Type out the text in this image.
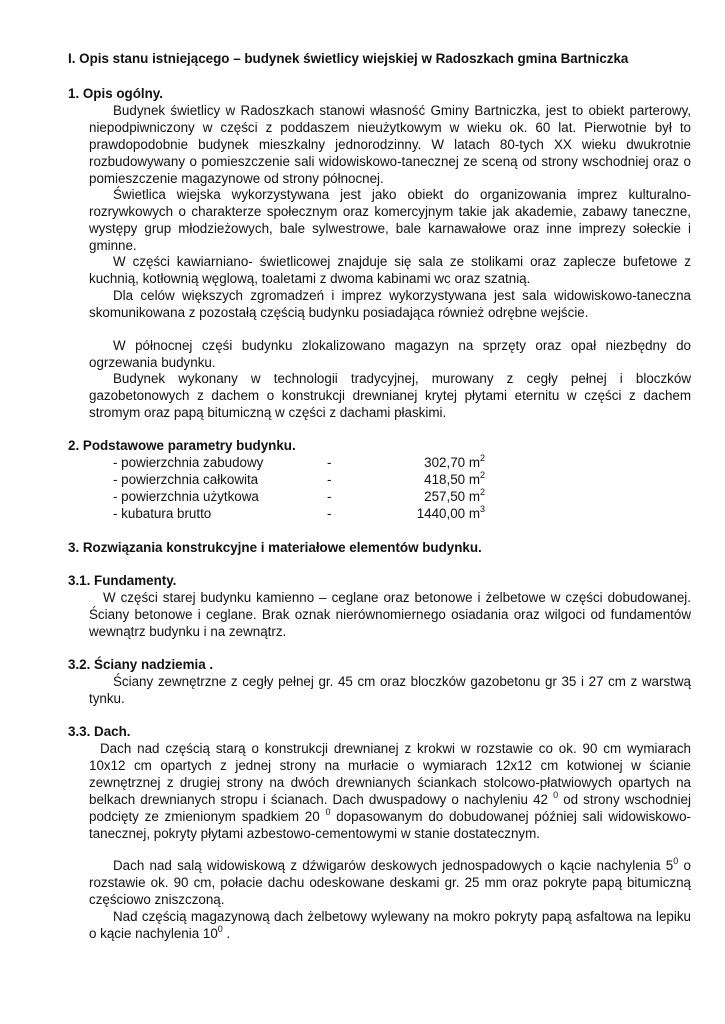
I. Opis stanu istniejącego – budynek świetlicy wiejskiej w Radoszkach gmina Bartniczka

1. Opis ogólny.

Budynek świetlicy w Radoszkach stanowi własność Gminy Bartniczka, jest to obiekt parterowy, niepodpiwniczony w części z poddaszem nieużytkowym w wieku ok. 60 lat. Pierwotnie był to prawdopodobnie budynek mieszkalny jednorodzinny. W latach 80-tych XX wieku dwukrotnie rozbudowywany o pomieszczenie sali widowiskowo-tanecznej ze sceną od strony wschodniej oraz o pomieszczenie magazynowe od strony północnej.

Świetlica wiejska wykorzystywana jest jako obiekt do organizowania imprez kulturalno-rozrywkowych o charakterze społecznym oraz komercyjnym takie jak akademie, zabawy taneczne, występy grup młodzieżowych, bale sylwestrowe, bale karnawałowe oraz inne imprezy sołeckie i gminne.

W części kawiarniano- świetlicowej znajduje się sala ze stolikami oraz zaplecze bufetowe z kuchnią, kotłownią węglową, toaletami z dwoma kabinami wc oraz szatnią.

Dla celów większych zgromadzeń i imprez wykorzystywana jest sala widowiskowo-taneczna skomunikowana z pozostałą częścią budynku posiadająca również odrębne wejście.

W północnej częśi budynku zlokalizowano magazyn na sprzęty oraz opał niezbędny do ogrzewania budynku.

Budynek wykonany w technologii tradycyjnej, murowany z cegły pełnej i bloczków gazobetonowych z dachem o konstrukcji drewnianej krytej płytami eternitu w części z dachem stromym oraz papą bitumiczną w części z dachami płaskimi.

2. Podstawowe parametry budynku.

- powierzchnia zabudowy	-	302,70 $m^2$
- powierzchnia całkowita	-	418,50 $m^2$
- powierzchnia użytkowa	-	257,50 $m^2$
- kubatura brutto	-	1440,00 $m^3$

3. Rozwiązania konstrukcyjne i materiałowe elementów budynku.

3.1. Fundamenty.

W części starej budynku kamienno – ceglane oraz betonowe i żelbetowe w części dobudowanej. Ściany betonowe i ceglane. Brak oznak nierównomiernego osiadania oraz wilgoci od fundamentów wewnątrz budynku i na zewnątrz.

3.2. Ściany nadziemia .

Ściany zewnętrzne z cegły pełnej gr. 45 cm oraz bloczków gazobetonu gr 35 i 27 cm z warstwą tynku.

3.3. Dach.

Dach nad częścią starą o konstrukcji drewnianej z krokwi w rozstawie co ok. 90 cm wymiarach 10x12 cm opartych z jednej strony na murłacie o wymiarach 12x12 cm kotwionej w ścianie zewnętrznej z drugiej strony na dwóch drewnianych ściankach stolcowo-płatwiowych opartych na belkach drewnianych stropu i ścianach. Dach dwuspadowy o nachyleniu 42 $^0$ od strony wschodniej podcięty ze zmienionym spadkiem 20 $^0$ dopasowanym do dobudowanej później sali widowiskowo- tanecznej, pokryty płytami azbestowo-cementowymi w stanie dostatecznym.

Dach nad salą widowiskową z dźwigarów deskowych jednospadowych o kącie nachylenia $5^0$ o rozstawie ok. 90 cm, połacie dachu odeskowane deskami gr. 25 mm oraz pokryte papą bitumiczną częściowo zniszczoną.

Nad częścią magazynową dach żelbetowy wylewany na mokro pokryty papą asfaltowa na lepiku o kącie nachylenia $10^0$ .
